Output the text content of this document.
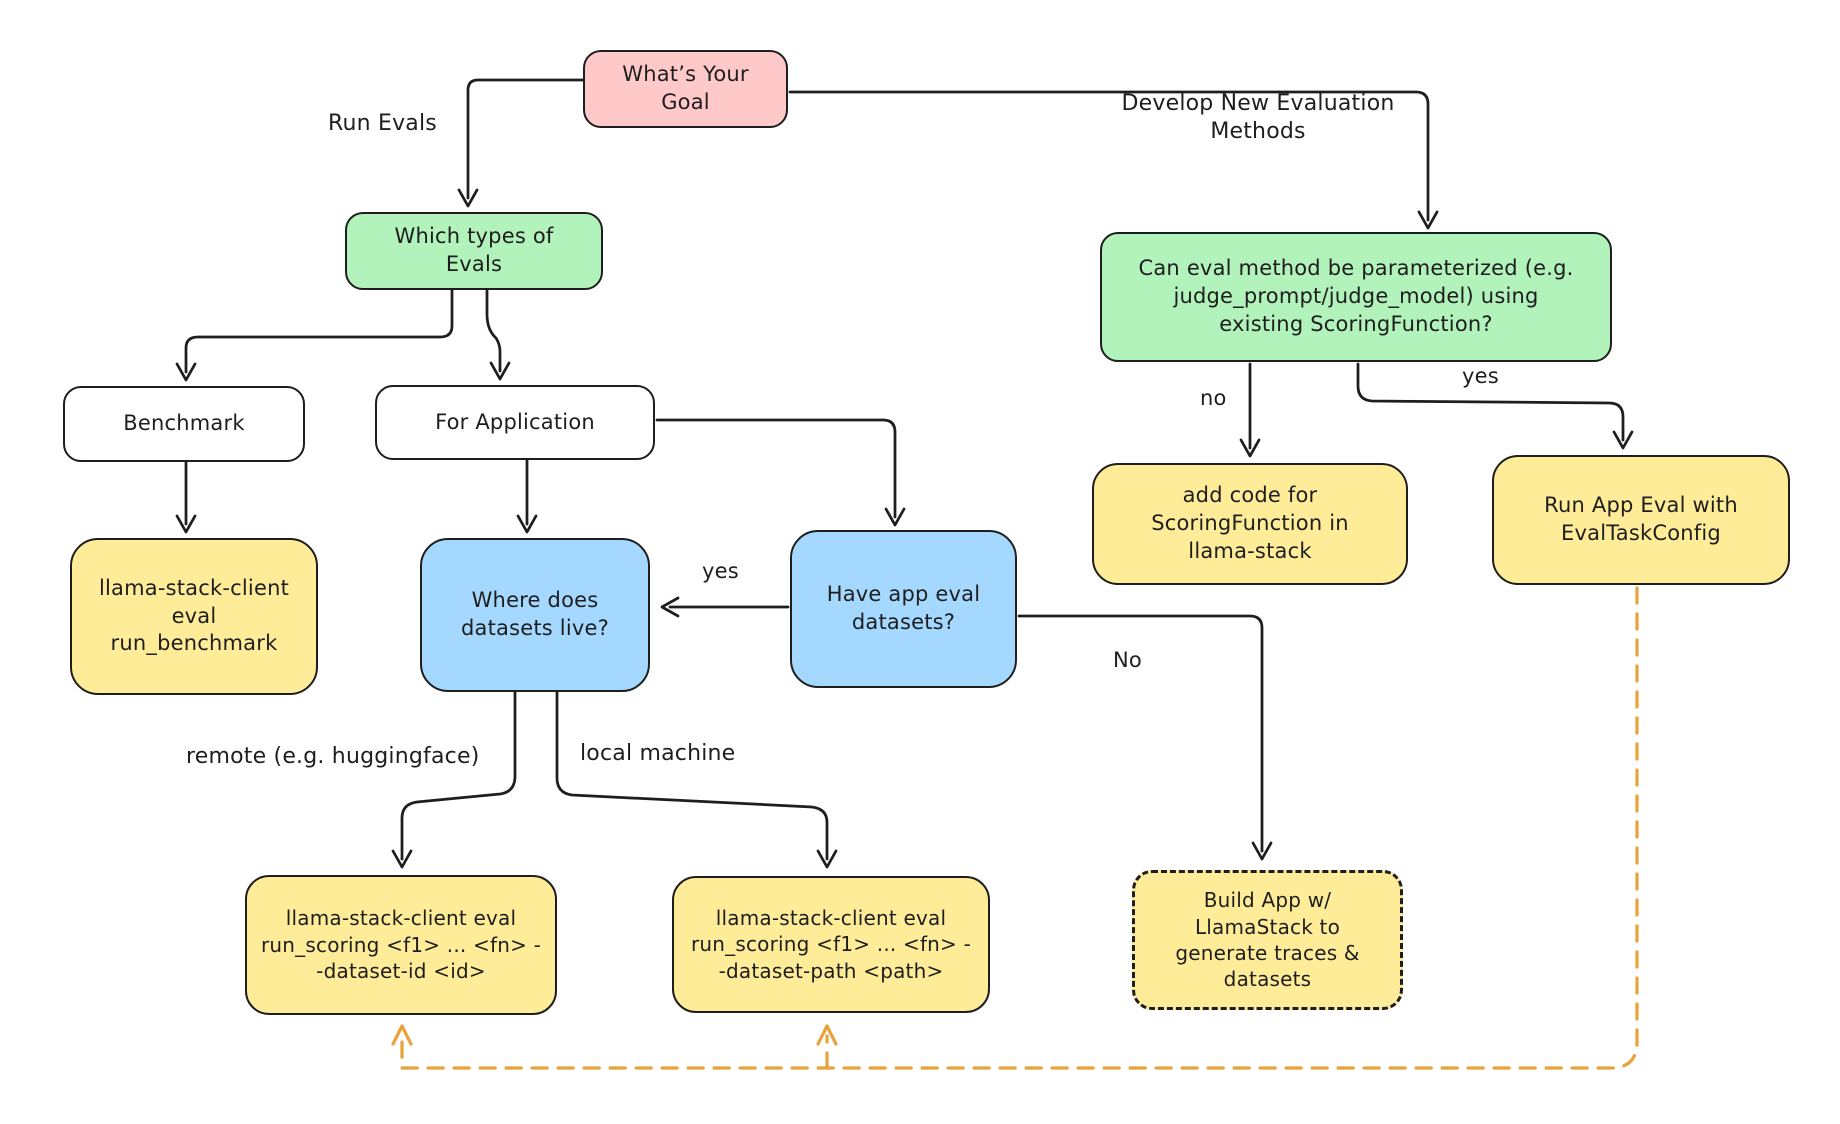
What’s Your Goal
Which types of Evals	Can eval method be parameterized (e.g. judge_prompt/judge_model) using existing ScoringFunction?
Benchmark	For Application
llama-stack-client eval run_benchmark
Where does datasets live?
Have app eval datasets?
add code for ScoringFunction in llama-stack
Run App Eval with EvalTaskConfig
llama-stack-client eval run_scoring <f1> ... <fn> --dataset-id <id>
llama-stack-client eval run_scoring <f1> ... <fn> --dataset-path <path>
Build App w/ LlamaStack to generate traces & datasets
Run Evals
Develop New Evaluation Methods
yes
no
yes
No
remote (e.g. huggingface)	local machine
